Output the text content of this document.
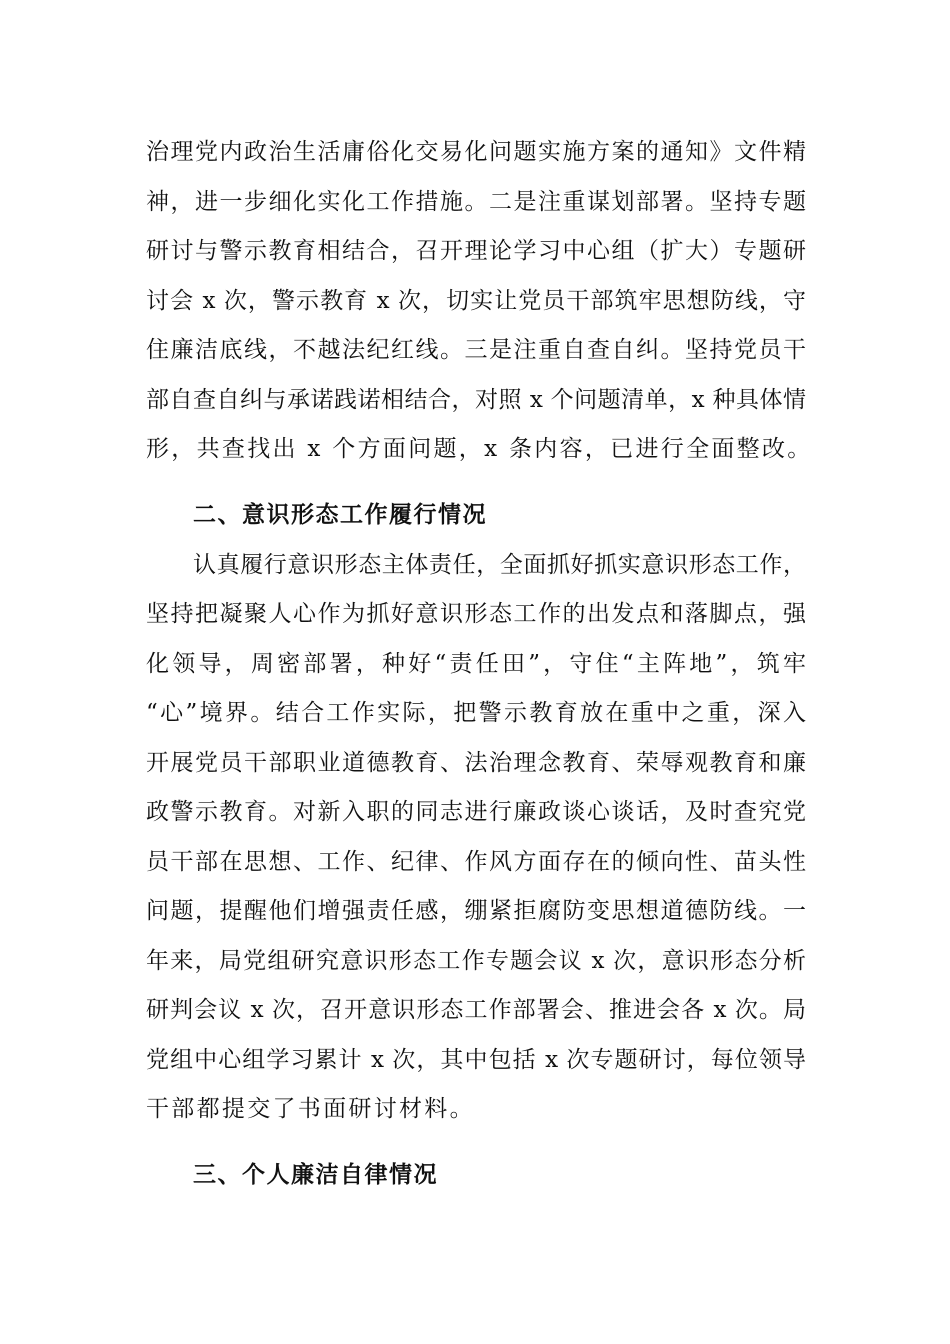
治理党内政治生活庸俗化交易化问题实施方案的通知》文件精
神，进一步细化实化工作措施。二是注重谋划部署。坚持专题
研讨与警示教育相结合，召开理论学习中心组（扩大）专题研
讨会 x 次，警示教育 x 次，切实让党员干部筑牢思想防线，守
住廉洁底线，不越法纪红线。三是注重自查自纠。坚持党员干
部自查自纠与承诺践诺相结合，对照 x 个问题清单，x 种具体情
形，共查找出 x 个方面问题，x 条内容，已进行全面整改。
二、意识形态工作履行情况
认真履行意识形态主体责任，全面抓好抓实意识形态工作，
坚持把凝聚人心作为抓好意识形态工作的出发点和落脚点，强
化领导，周密部署，种好“责任田”，守住“主阵地”，筑牢
“心”境界。结合工作实际，把警示教育放在重中之重，深入
开展党员干部职业道德教育、法治理念教育、荣辱观教育和廉
政警示教育。对新入职的同志进行廉政谈心谈话，及时查究党
员干部在思想、工作、纪律、作风方面存在的倾向性、苗头性
问题，提醒他们增强责任感，绷紧拒腐防变思想道德防线。一
年来，局党组研究意识形态工作专题会议 x 次，意识形态分析
研判会议 x 次，召开意识形态工作部署会、推进会各 x 次。局
党组中心组学习累计 x 次，其中包括 x 次专题研讨，每位领导
干部都提交了书面研讨材料。
三、个人廉洁自律情况
